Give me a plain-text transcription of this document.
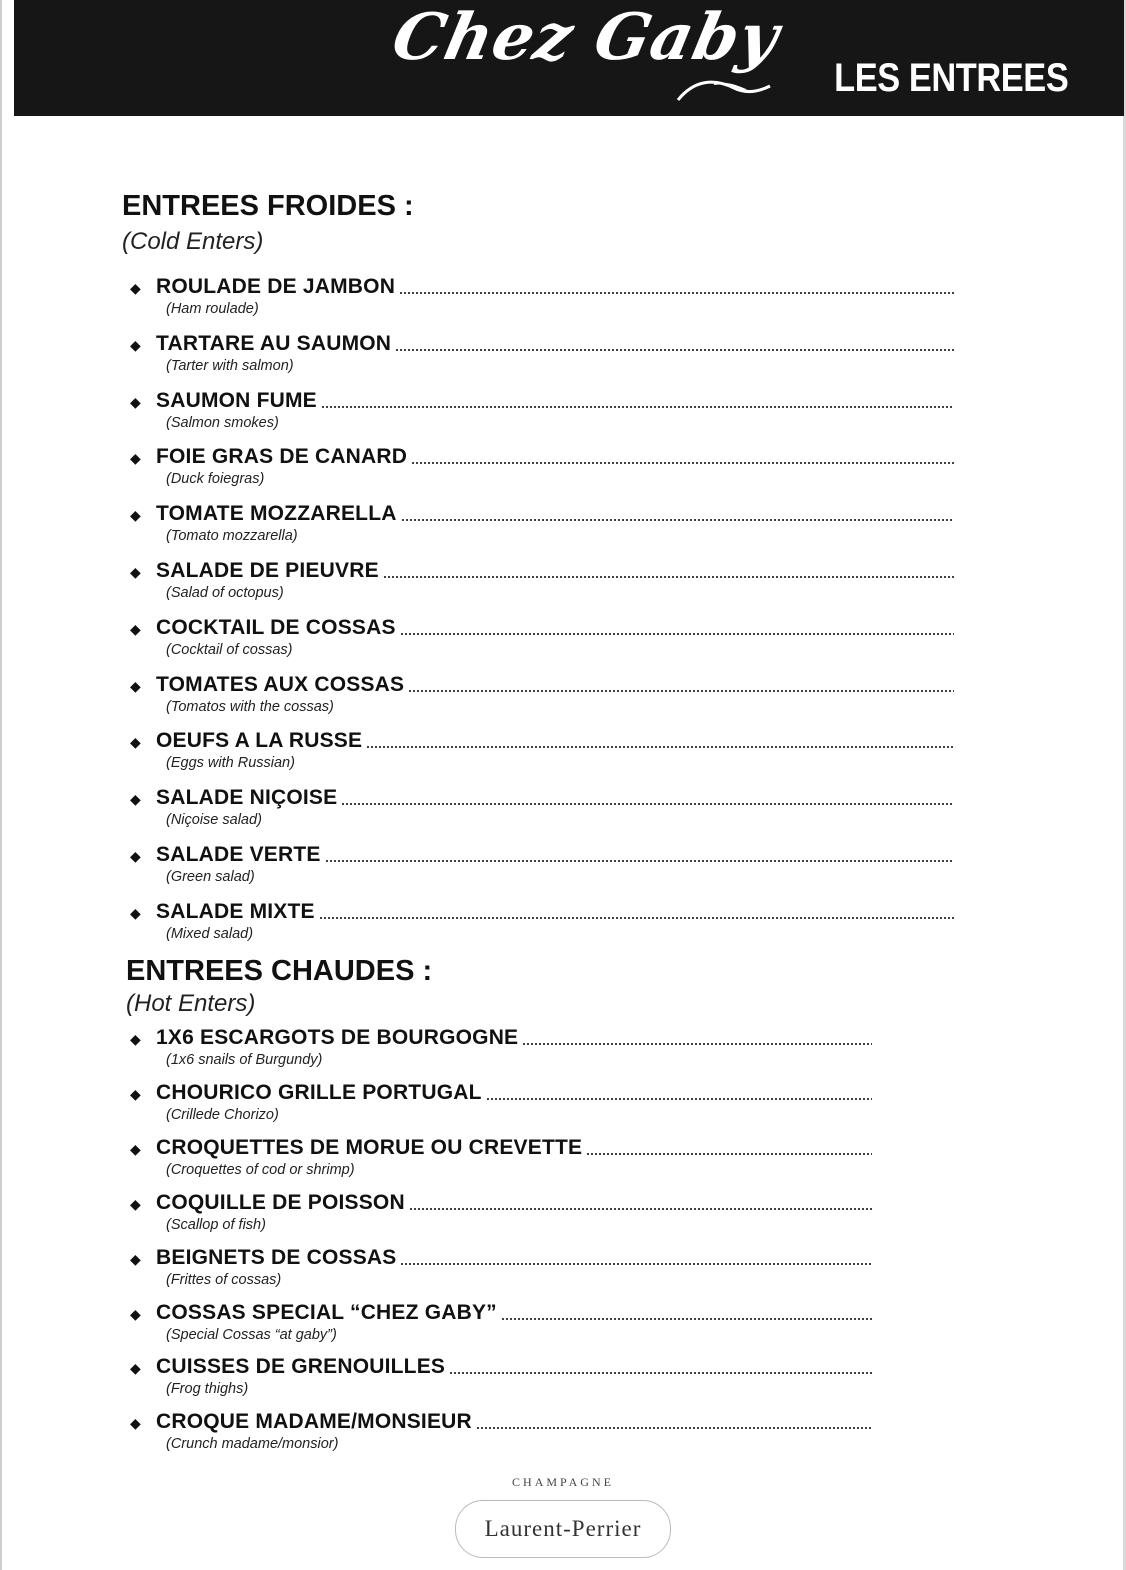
Chez Gaby
LES ENTREES
ENTREES FROIDES :
(Cold Enters)
◆ ROULADE DE JAMBON
(Ham roulade)
◆ TARTARE AU SAUMON
(Tarter with salmon)
◆ SAUMON FUME
(Salmon smokes)
◆ FOIE GRAS DE CANARD
(Duck foiegras)
◆ TOMATE MOZZARELLA
(Tomato mozzarella)
◆ SALADE DE PIEUVRE
(Salad of octopus)
◆ COCKTAIL DE COSSAS
(Cocktail of cossas)
◆ TOMATES AUX COSSAS
(Tomatos with the cossas)
◆ OEUFS A LA RUSSE
(Eggs with Russian)
◆ SALADE NIÇOISE
(Niçoise salad)
◆ SALADE VERTE
(Green salad)
◆ SALADE MIXTE
(Mixed salad)
ENTREES CHAUDES :
(Hot Enters)
◆ 1X6 ESCARGOTS DE BOURGOGNE
(1x6 snails of Burgundy)
◆ CHOURICO GRILLE PORTUGAL
(Crillede Chorizo)
◆ CROQUETTES DE MORUE OU CREVETTE
(Croquettes of cod or shrimp)
◆ COQUILLE DE POISSON
(Scallop of fish)
◆ BEIGNETS DE COSSAS
(Frittes of cossas)
◆ COSSAS SPECIAL “CHEZ GABY”
(Special Cossas “at gaby”)
◆ CUISSES DE GRENOUILLES
(Frog thighs)
◆ CROQUE MADAME/MONSIEUR
(Crunch madame/monsior)
CHAMPAGNE
Laurent-Perrier
